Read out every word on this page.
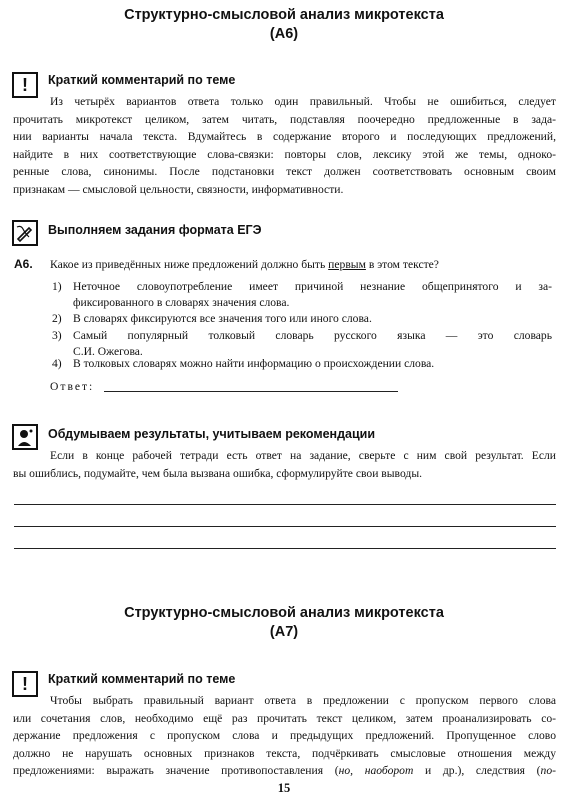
Структурно-смысловой анализ микротекста
(А6)
!	Краткий комментарий по теме
Из четырёх вариантов ответа только один правильный. Чтобы не ошибиться, следует
прочитать микротекст целиком, затем читать, подставляя поочередно предложенные в зада-
нии варианты начала текста. Вдумайтесь в содержание второго и последующих предложений,
найдите в них соответствующие слова-связки: повторы слов, лексику этой же темы, одноко-
ренные слова, синонимы. После подстановки текст должен соответствовать основным своим
признакам — смысловой цельности, связности, информативности.
Выполняем задания формата ЕГЭ
А6. Какое из приведённых ниже предложений должно быть первым в этом тексте?
1) Неточное словоупотребление имеет причиной незнание общепринятого и за-
фиксированного в словарях значения слова.
2) В словарях фиксируются все значения того или иного слова.
3) Самый популярный толковый словарь русского языка — это словарь
С.И. Ожегова.
4) В толковых словарях можно найти информацию о происхождении слова.
Ответ:
Обдумываем результаты, учитываем рекомендации
Если в конце рабочей тетради есть ответ на задание, сверьте с ним свой результат. Если
вы ошиблись, подумайте, чем была вызвана ошибка, сформулируйте свои выводы.
Структурно-смысловой анализ микротекста
(А7)
!	Краткий комментарий по теме
Чтобы выбрать правильный вариант ответа в предложении с пропуском первого слова
или сочетания слов, необходимо ещё раз прочитать текст целиком, затем проанализировать со-
держание предложения с пропуском слова и предыдущих предложений. Пропущенное слово
должно не нарушать основных признаков текста, подчёркивать смысловые отношения между
предложениями: выражать значение противопоставления (но, наоборот и др.), следствия (по-
15
